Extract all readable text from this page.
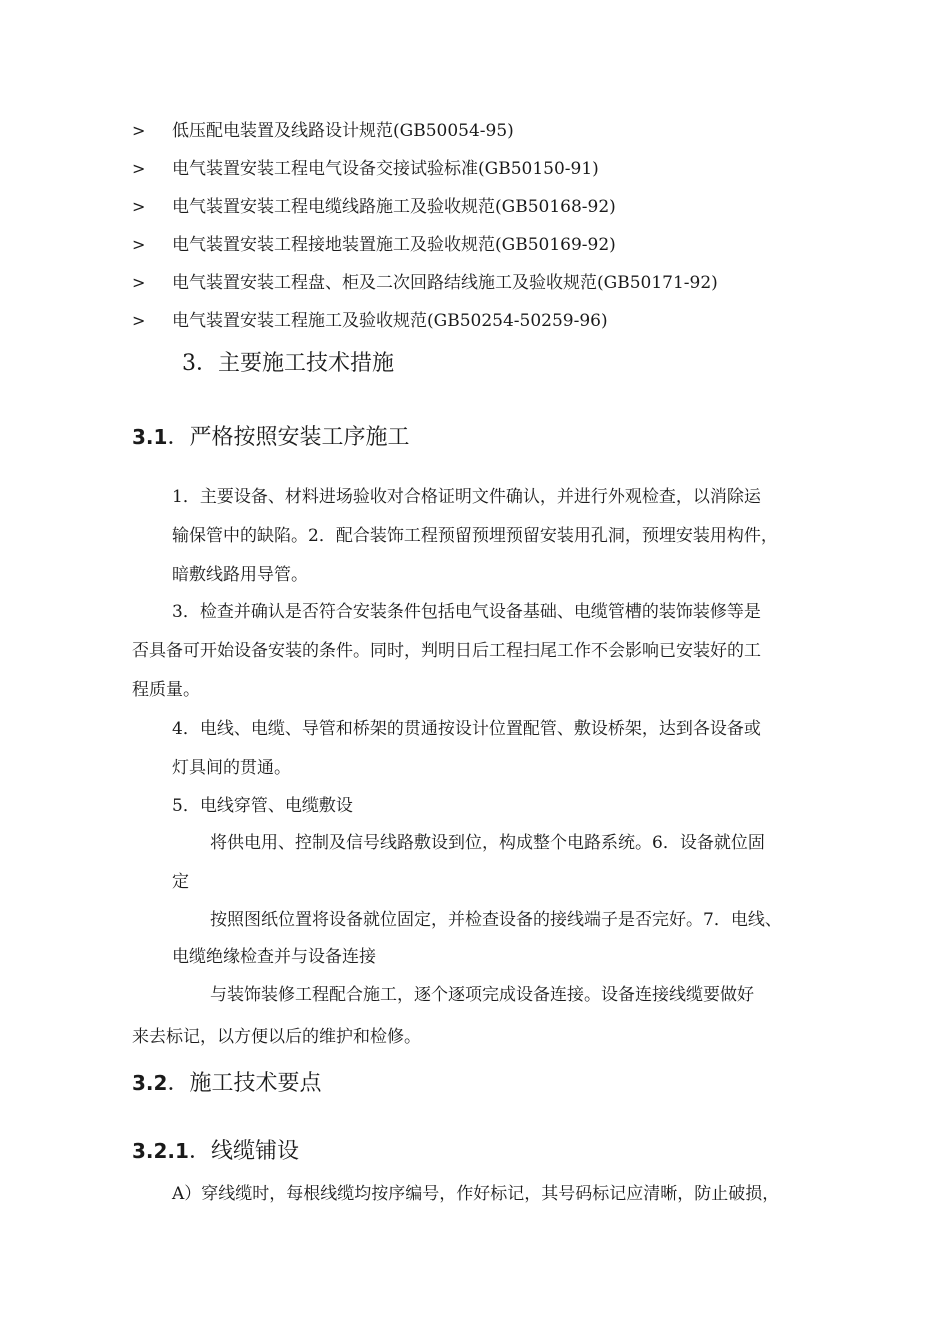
> 低压配电装置及线路设计规范(GB50054-95)
> 电气装置安装工程电气设备交接试验标准(GB50150-91)
> 电气装置安装工程电缆线路施工及验收规范(GB50168-92)
> 电气装置安装工程接地装置施工及验收规范(GB50169-92)
> 电气装置安装工程盘、柜及二次回路结线施工及验收规范(GB50171-92)
> 电气装置安装工程施工及验收规范(GB50254-50259-96)
3．主要施工技术措施
3.1．严格按照安装工序施工
1．主要设备、材料进场验收对合格证明文件确认，并进行外观检查，以消除运
输保管中的缺陷。2．配合装饰工程预留预埋预留安装用孔洞，预埋安装用构件，
暗敷线路用导管。
3．检查并确认是否符合安装条件包括电气设备基础、电缆管槽的装饰装修等是
否具备可开始设备安装的条件。同时，判明日后工程扫尾工作不会影响已安装好的工
程质量。
4．电线、电缆、导管和桥架的贯通按设计位置配管、敷设桥架，达到各设备或
灯具间的贯通。
5．电线穿管、电缆敷设
将供电用、控制及信号线路敷设到位，构成整个电路系统。6．设备就位固
定
按照图纸位置将设备就位固定，并检查设备的接线端子是否完好。7．电线、
电缆绝缘检查并与设备连接
与装饰装修工程配合施工，逐个逐项完成设备连接。设备连接线缆要做好
来去标记，以方便以后的维护和检修。
3.2．施工技术要点
3.2.1．线缆铺设
A）穿线缆时，每根线缆均按序编号，作好标记，其号码标记应清晰，防止破损，
